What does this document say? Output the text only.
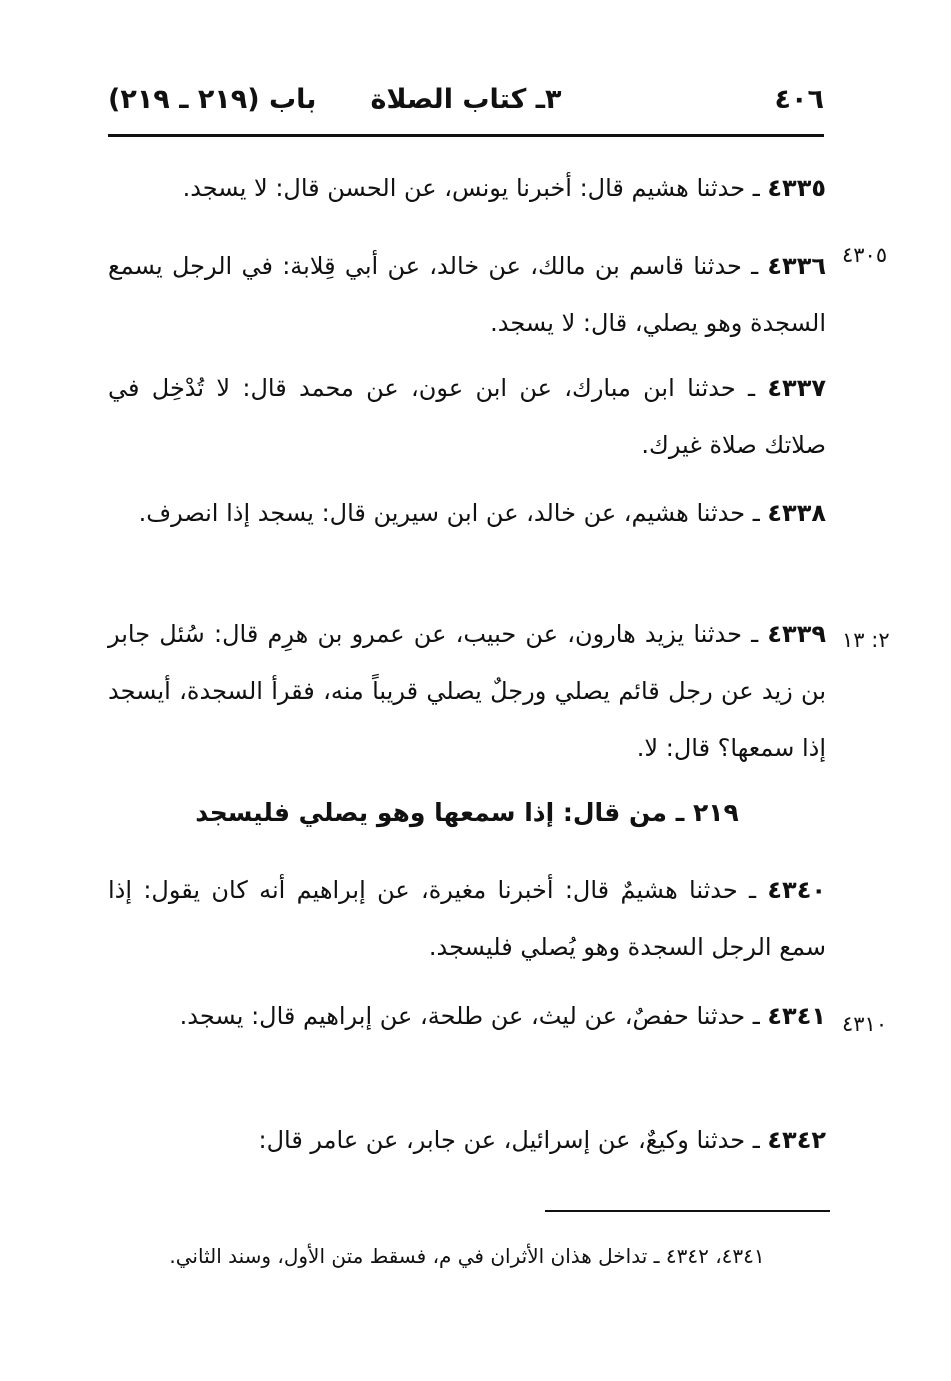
٤٠٦
٣ـ كتاب الصلاة
باب (٢١٩ ـ ٢١٩)
٤٣٣٥ ـ حدثنا هشيم قال: أخبرنا يونس، عن الحسن قال: لا يسجد.
٤٣٠٥
٤٣٣٦ ـ حدثنا قاسم بن مالك، عن خالد، عن أبي قِلابة: في الرجل يسمع السجدة وهو يصلي، قال: لا يسجد.
٤٣٣٧ ـ حدثنا ابن مبارك، عن ابن عون، عن محمد قال: لا تُدْخِل في صلاتك صلاة غيرك.
٤٣٣٨ ـ حدثنا هشيم، عن خالد، عن ابن سيرين قال: يسجد إذا انصرف.
٢: ١٣
٤٣٣٩ ـ حدثنا يزيد هارون، عن حبيب، عن عمرو بن هرِم قال: سُئل جابر بن زيد عن رجل قائم يصلي ورجلٌ يصلي قريباً منه، فقرأ السجدة، أيسجد إذا سمعها؟ قال: لا.
٢١٩ ـ من قال: إذا سمعها وهو يصلي فليسجد
٤٣٤٠ ـ حدثنا هشيمٌ قال: أخبرنا مغيرة، عن إبراهيم أنه كان يقول: إذا سمع الرجل السجدة وهو يُصلي فليسجد.
٤٣١٠
٤٣٤١ ـ حدثنا حفصٌ، عن ليث، عن طلحة، عن إبراهيم قال: يسجد.
٤٣٤٢ ـ حدثنا وكيعٌ، عن إسرائيل، عن جابر، عن عامر قال:
٤٣٤١، ٤٣٤٢ ـ تداخل هذان الأثران في م، فسقط متن الأول، وسند الثاني.
